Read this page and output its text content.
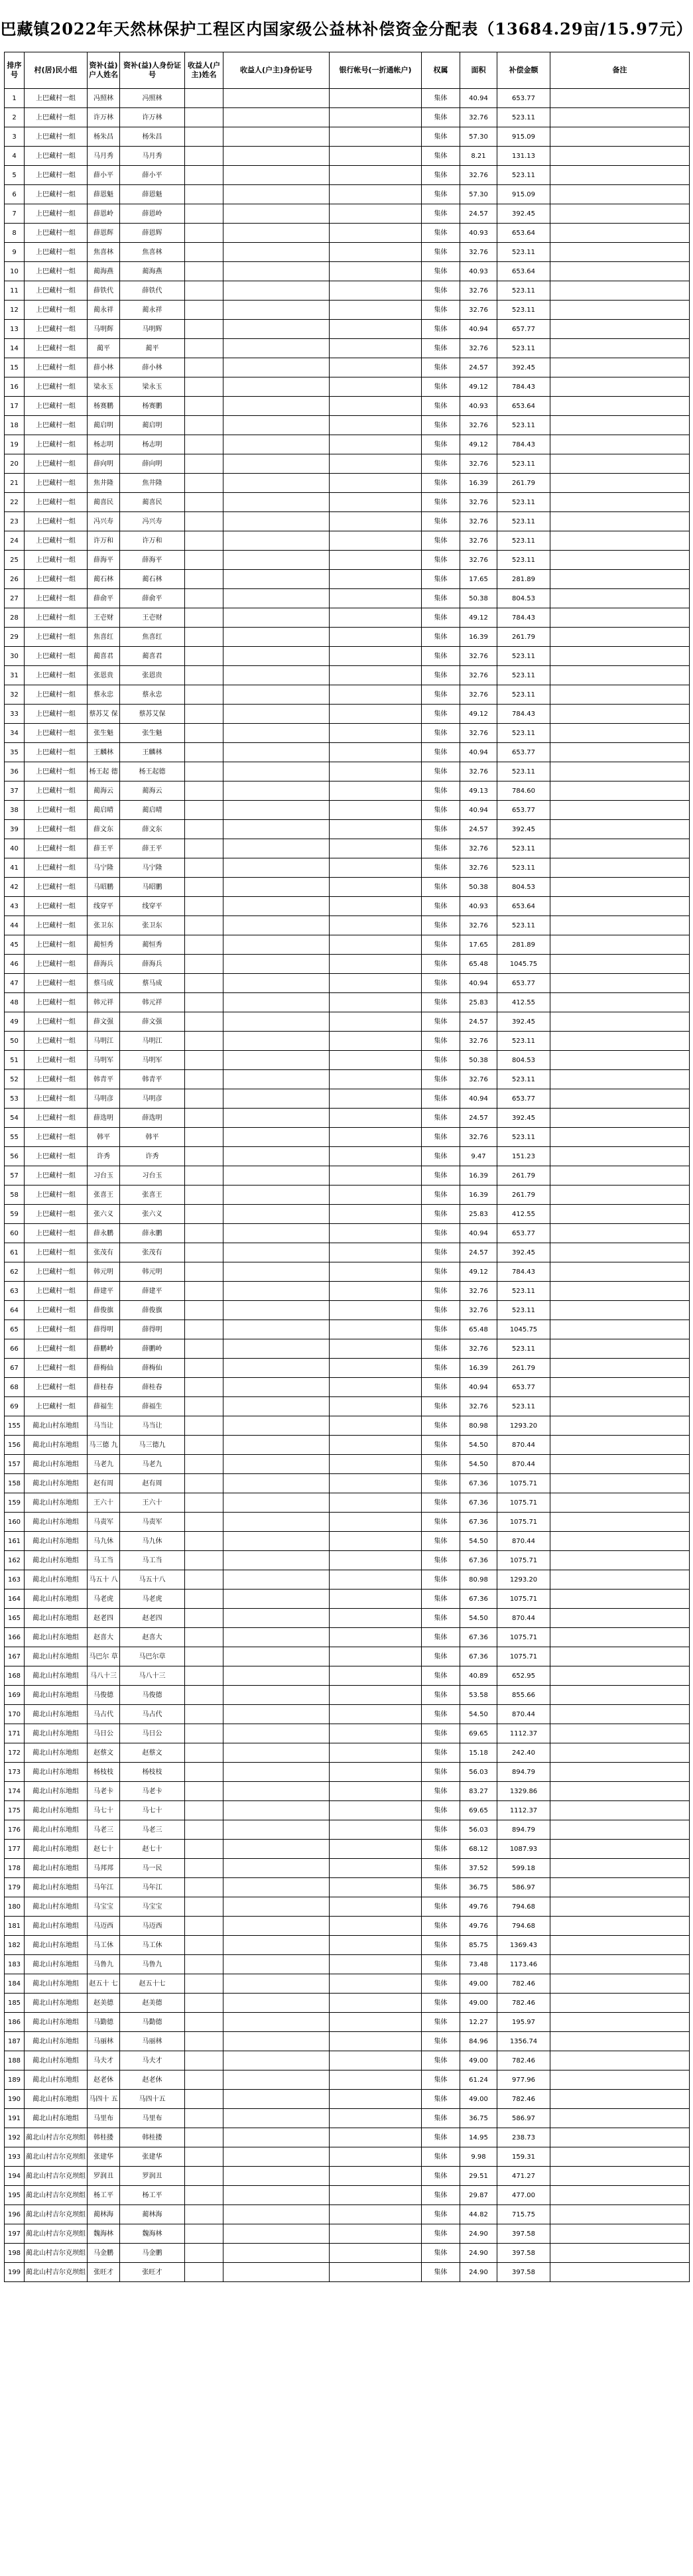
巴藏镇2022年天然林保护工程区内国家级公益林补偿资金分配表（13684.29亩/15.97元）
排序号	村(居)民小组	资补(益)户人姓名	资补(益)人身份证号	收益人(户主)姓名	收益人(户主)身份证号	银行帐号(一折通帐户)	权属	面积	补偿金额	备注
1	上巴藏村一组	冯照林	冯照林				集体	40.94	653.77	
2	上巴藏村一组	许万林	许万林				集体	32.76	523.11	
3	上巴藏村一组	杨朱昌	杨朱昌				集体	57.30	915.09	
4	上巴藏村一组	马月秀	马月秀				集体	8.21	131.13	
5	上巴藏村一组	薛小平	薛小平				集体	32.76	523.11	
6	上巴藏村一组	薛恩魁	薛恩魁				集体	57.30	915.09	
7	上巴藏村一组	薛恩岭	薛恩岭				集体	24.57	392.45	
8	上巴藏村一组	薛恩辉	薛恩辉				集体	40.93	653.64	
9	上巴藏村一组	焦喜林	焦喜林				集体	32.76	523.11	
10	上巴藏村一组	蔺海燕	蔺海燕				集体	40.93	653.64	
11	上巴藏村一组	薛铁代	薛铁代				集体	32.76	523.11	
12	上巴藏村一组	蔺永祥	蔺永祥				集体	32.76	523.11	
13	上巴藏村一组	马明辉	马明辉				集体	40.94	657.77	
14	上巴藏村一组	蔺平	蔺平				集体	32.76	523.11	
15	上巴藏村一组	薛小林	薛小林				集体	24.57	392.45	
16	上巴藏村一组	梁永玉	梁永玉				集体	49.12	784.43	
17	上巴藏村一组	杨赛鹏	杨赛鹏				集体	40.93	653.64	
18	上巴藏村一组	蔺启明	蔺启明				集体	32.76	523.11	
19	上巴藏村一组	杨志明	杨志明				集体	49.12	784.43	
20	上巴藏村一组	薛向明	薛向明				集体	32.76	523.11	
21	上巴藏村一组	焦井隆	焦井隆				集体	16.39	261.79	
22	上巴藏村一组	蔺喜民	蔺喜民				集体	32.76	523.11	
23	上巴藏村一组	冯兴寿	冯兴寿				集体	32.76	523.11	
24	上巴藏村一组	许万和	许万和				集体	32.76	523.11	
25	上巴藏村一组	薛海平	薛海平				集体	32.76	523.11	
26	上巴藏村一组	蔺石林	蔺石林				集体	17.65	281.89	
27	上巴藏村一组	薛俞平	薛俞平				集体	50.38	804.53	
28	上巴藏村一组	王壱财	王壱财				集体	49.12	784.43	
29	上巴藏村一组	焦喜红	焦喜红				集体	16.39	261.79	
30	上巴藏村一组	蔺喜君	蔺喜君				集体	32.76	523.11	
31	上巴藏村一组	张恩贵	张恩贵				集体	32.76	523.11	
32	上巴藏村一组	蔡永忠	蔡永忠				集体	32.76	523.11	
33	上巴藏村一组	蔡苏艾 保	蔡苏艾保				集体	49.12	784.43	
34	上巴藏村一组	张生魁	张生魁				集体	32.76	523.11	
35	上巴藏村一组	王麟林	王麟林				集体	40.94	653.77	
36	上巴藏村一组	杨王起 德	杨王起德				集体	32.76	523.11	
37	上巴藏村一组	蔺海云	蔺海云				集体	49.13	784.60	
38	上巴藏村一组	蔺启晴	蔺启晴				集体	40.94	653.77	
39	上巴藏村一组	薛文东	薛文东				集体	24.57	392.45	
40	上巴藏村一组	薛王平	薛王平				集体	32.76	523.11	
41	上巴藏村一组	马宁隆	马宁隆				集体	32.76	523.11	
42	上巴藏村一组	马昭鹏	马昭鹏				集体	50.38	804.53	
43	上巴藏村一组	线穿平	线穿平				集体	40.93	653.64	
44	上巴藏村一组	张卫东	张卫东				集体	32.76	523.11	
45	上巴藏村一组	蔺恒秀	蔺恒秀				集体	17.65	281.89	
46	上巴藏村一组	薛海兵	薛海兵				集体	65.48	1045.75	
47	上巴藏村一组	蔡马成	蔡马成				集体	40.94	653.77	
48	上巴藏村一组	韩元祥	韩元祥				集体	25.83	412.55	
49	上巴藏村一组	薛文强	薛文强				集体	24.57	392.45	
50	上巴藏村一组	马明江	马明江				集体	32.76	523.11	
51	上巴藏村一组	马明军	马明军				集体	50.38	804.53	
52	上巴藏村一组	韩青平	韩青平				集体	32.76	523.11	
53	上巴藏村一组	马明彦	马明彦				集体	40.94	653.77	
54	上巴藏村一组	薛选明	薛选明				集体	24.57	392.45	
55	上巴藏村一组	韩平	韩平				集体	32.76	523.11	
56	上巴藏村一组	许秀	许秀				集体	9.47	151.23	
57	上巴藏村一组	习台玉	习台玉				集体	16.39	261.79	
58	上巴藏村一组	张喜王	张喜王				集体	16.39	261.79	
59	上巴藏村一组	张六义	张六义				集体	25.83	412.55	
60	上巴藏村一组	薛永鹏	薛永鹏				集体	40.94	653.77	
61	上巴藏村一组	张茂有	张茂有				集体	24.57	392.45	
62	上巴藏村一组	韩元明	韩元明				集体	49.12	784.43	
63	上巴藏村一组	薛建平	薛建平				集体	32.76	523.11	
64	上巴藏村一组	薛俊旗	薛俊旗				集体	32.76	523.11	
65	上巴藏村一组	薛得明	薛得明				集体	65.48	1045.75	
66	上巴藏村一组	薛鹏岭	薛鹏岭				集体	32.76	523.11	
67	上巴藏村一组	薛梅仙	薛梅仙				集体	16.39	261.79	
68	上巴藏村一组	薛桂春	薛桂春				集体	40.94	653.77	
69	上巴藏村一组	薛福生	薛福生				集体	32.76	523.11	
155	蔺北山村东地组	马当让	马当让				集体	80.98	1293.20	
156	蔺北山村东地组	马三德 九	马三德九				集体	54.50	870.44	
157	蔺北山村东地组	马老九	马老九				集体	54.50	870.44	
158	蔺北山村东地组	赵有周	赵有周				集体	67.36	1075.71	
159	蔺北山村东地组	王六十	王六十				集体	67.36	1075.71	
160	蔺北山村东地组	马责军	马责军				集体	67.36	1075.71	
161	蔺北山村东地组	马九休	马九休				集体	54.50	870.44	
162	蔺北山村东地组	马工当	马工当				集体	67.36	1075.71	
163	蔺北山村东地组	马五十 八	马五十八				集体	80.98	1293.20	
164	蔺北山村东地组	马老虎	马老虎				集体	67.36	1075.71	
165	蔺北山村东地组	赵老四	赵老四				集体	54.50	870.44	
166	蔺北山村东地组	赵喜大	赵喜大				集体	67.36	1075.71	
167	蔺北山村东地组	马巴尔 草	马巴尔草				集体	67.36	1075.71	
168	蔺北山村东地组	马八十三	马八十三				集体	40.89	652.95	
169	蔺北山村东地组	马俊德	马俊德				集体	53.58	855.66	
170	蔺北山村东地组	马占代	马占代				集体	54.50	870.44	
171	蔺北山村东地组	马日公	马日公				集体	69.65	1112.37	
172	蔺北山村东地组	赵蔡文	赵蔡文				集体	15.18	242.40	
173	蔺北山村东地组	杨枝枝	杨枝枝				集体	56.03	894.79	
174	蔺北山村东地组	马老卡	马老卡				集体	83.27	1329.86	
175	蔺北山村东地组	马七十	马七十				集体	69.65	1112.37	
176	蔺北山村东地组	马老三	马老三				集体	56.03	894.79	
177	蔺北山村东地组	赵七十	赵七十				集体	68.12	1087.93	
178	蔺北山村东地组	马邦邦	马一民				集体	37.52	599.18	
179	蔺北山村东地组	马年江	马年江				集体	36.75	586.97	
180	蔺北山村东地组	马宝宝	马宝宝				集体	49.76	794.68	
181	蔺北山村东地组	马迈西	马迈西				集体	49.76	794.68	
182	蔺北山村东地组	马工休	马工休				集体	85.75	1369.43	
183	蔺北山村东地组	马鲁九	马鲁九				集体	73.48	1173.46	
184	蔺北山村东地组	赵五十 七	赵五十七				集体	49.00	782.46	
185	蔺北山村东地组	赵美德	赵美德				集体	49.00	782.46	
186	蔺北山村东地组	马勤德	马勤德				集体	12.27	195.97	
187	蔺北山村东地组	马丽林	马丽林				集体	84.96	1356.74	
188	蔺北山村东地组	马夫才	马夫才				集体	49.00	782.46	
189	蔺北山村东地组	赵老休	赵老休				集体	61.24	977.96	
190	蔺北山村东地组	马四十 五	马四十五				集体	49.00	782.46	
191	蔺北山村东地组	马里布	马里布				集体	36.75	586.97	
192	蔺北山村吉尔克坝组	韩桂搂	韩桂搂				集体	14.95	238.73	
193	蔺北山村吉尔克坝组	张建华	张建华				集体	9.98	159.31	
194	蔺北山村吉尔克坝组	罗润丑	罗润丑				集体	29.51	471.27	
195	蔺北山村吉尔克坝组	杨工平	杨工平				集体	29.87	477.00	
196	蔺北山村吉尔克坝组	蔺林海	蔺林海				集体	44.82	715.75	
197	蔺北山村吉尔克坝组	魏海林	魏海林				集体	24.90	397.58	
198	蔺北山村吉尔克坝组	马金鹏	马金鹏				集体	24.90	397.58	
199	蔺北山村吉尔克坝组	张旺才	张旺才				集体	24.90	397.58	
